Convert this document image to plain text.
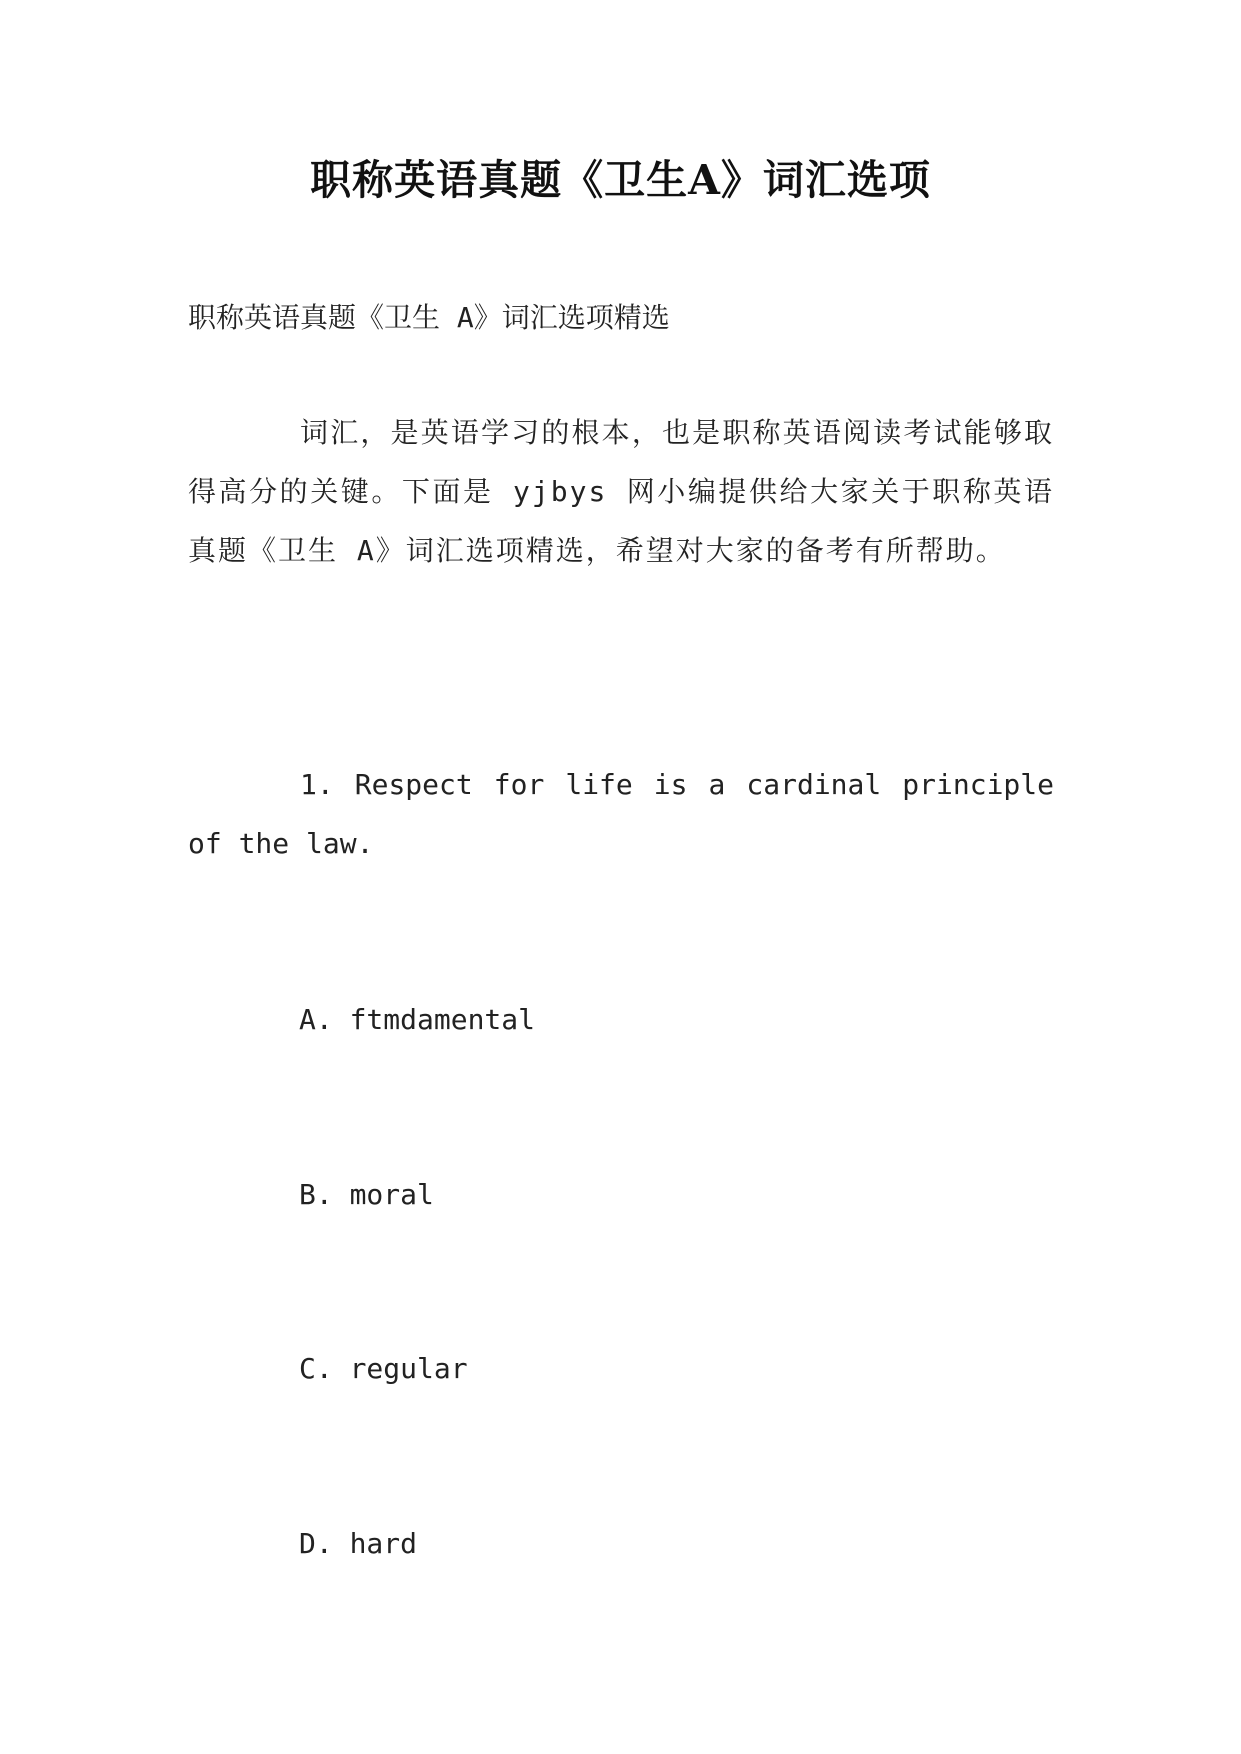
职称英语真题《卫生A》词汇选项
职称英语真题《卫生 A》词汇选项精选
词汇，是英语学习的根本，也是职称英语阅读考试能够取得高分的关键。下面是 yjbys 网小编提供给大家关于职称英语真题《卫生 A》词汇选项精选，希望对大家的备考有所帮助。
1. Respect for life is a cardinal principle of the law.
A. ftmdamental
B. moral
C. regular
D. hard
